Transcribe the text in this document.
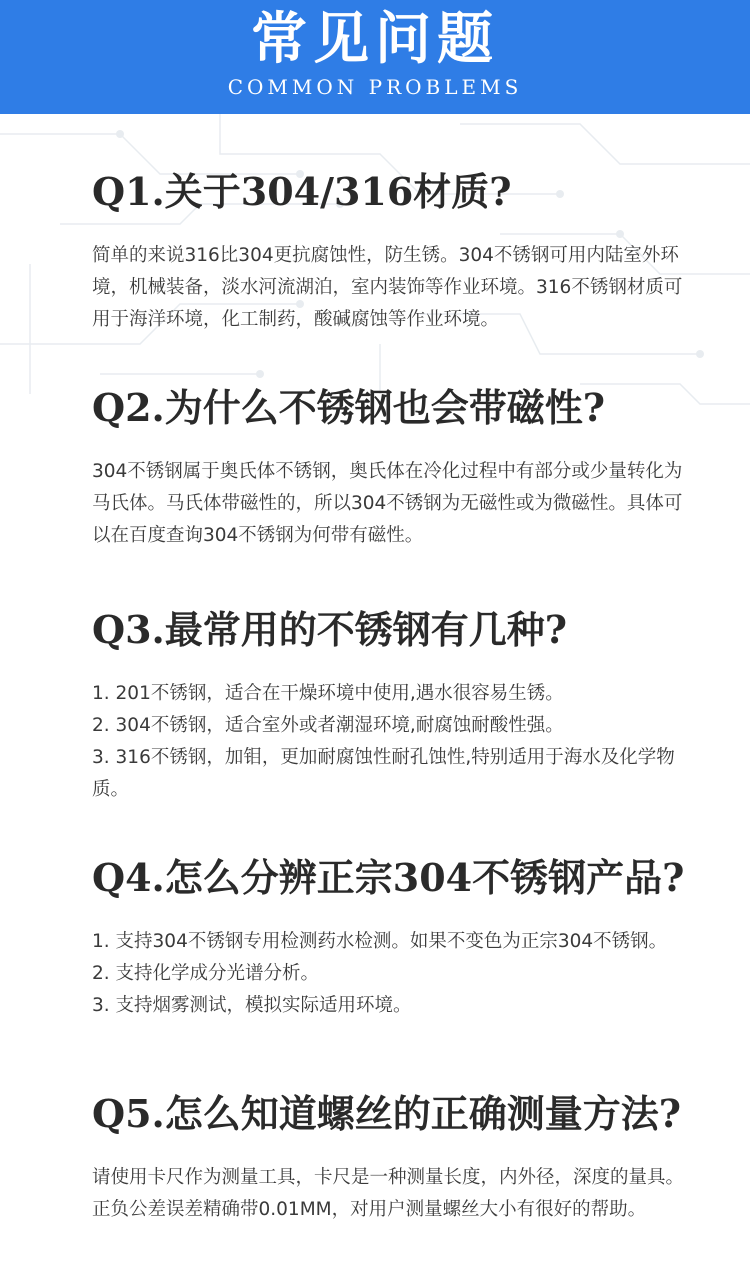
常见问题
COMMON PROBLEMS
Q1.关于304/316材质?

简单的来说316比304更抗腐蚀性，防生锈。304不锈钢可用内陆室外环境，机械装备，淡水河流湖泊，室内装饰等作业环境。316不锈钢材质可用于海洋环境，化工制药，酸碱腐蚀等作业环境。

Q2.为什么不锈钢也会带磁性?

304不锈钢属于奥氏体不锈钢，奥氏体在冷化过程中有部分或少量转化为马氏体。马氏体带磁性的，所以304不锈钢为无磁性或为微磁性。具体可以在百度查询304不锈钢为何带有磁性。

Q3.最常用的不锈钢有几种?

1. 201不锈钢，适合在干燥环境中使用,遇水很容易生锈。

2. 304不锈钢，适合室外或者潮湿环境,耐腐蚀耐酸性强。

3. 316不锈钢，加钼，更加耐腐蚀性耐孔蚀性,特别适用于海水及化学物质。

Q4.怎么分辨正宗304不锈钢产品?

1. 支持304不锈钢专用检测药水检测。如果不变色为正宗304不锈钢。

2. 支持化学成分光谱分析。

3. 支持烟雾测试，模拟实际适用环境。

Q5.怎么知道螺丝的正确测量方法?

请使用卡尺作为测量工具，卡尺是一种测量长度，内外径，深度的量具。正负公差误差精确带0.01MM，对用户测量螺丝大小有很好的帮助。
